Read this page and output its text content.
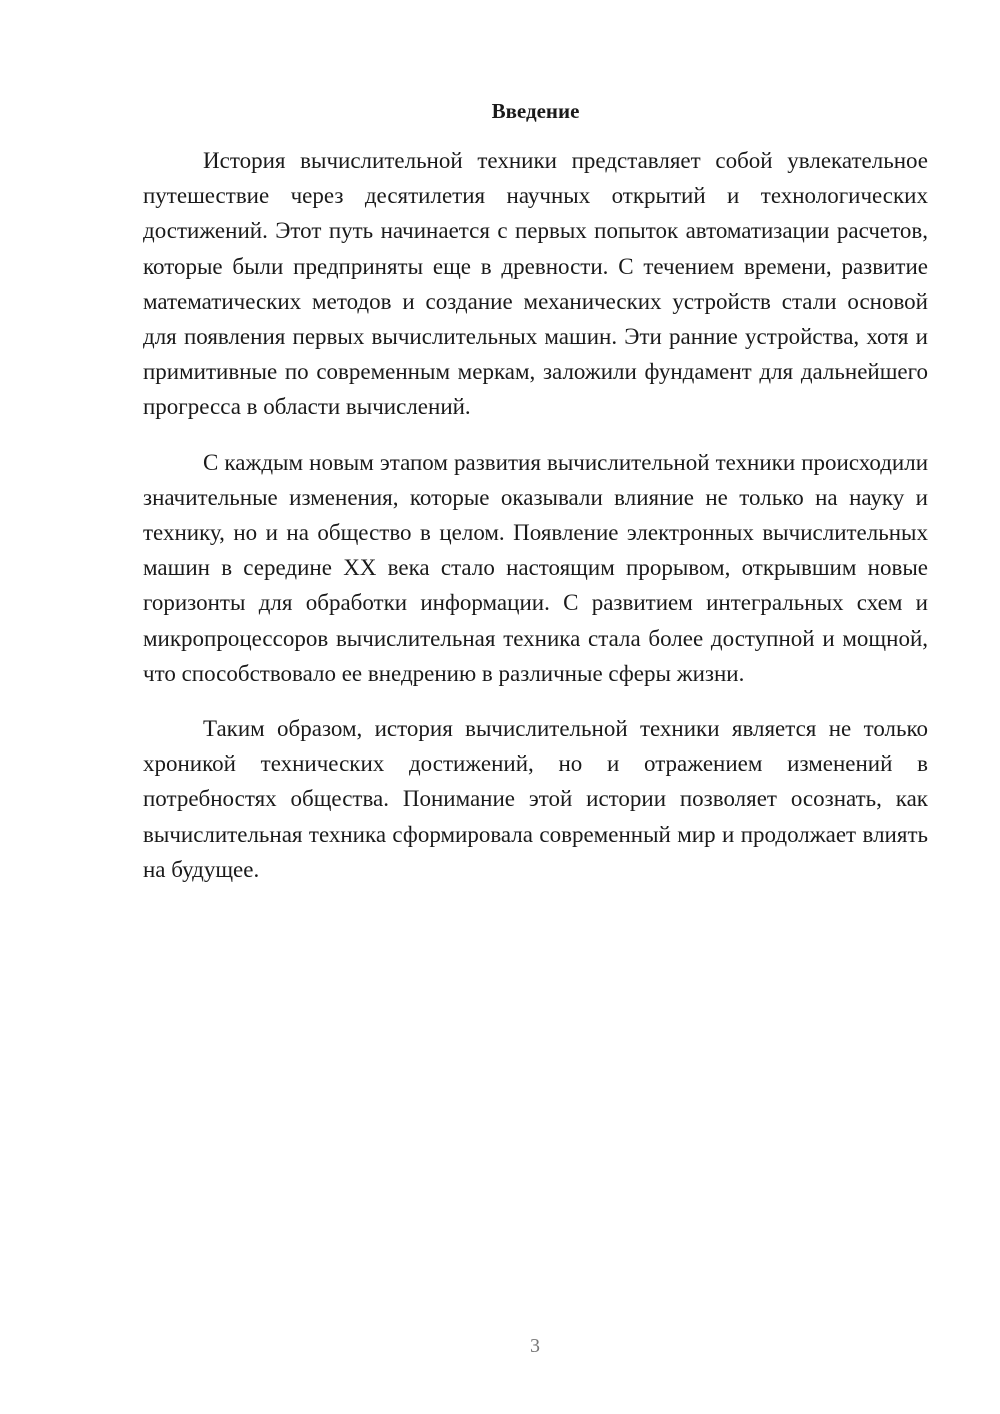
Введение

История вычислительной техники представляет собой увлекательное путешествие через десятилетия научных открытий и технологических достижений. Этот путь начинается с первых попыток автоматизации расчетов, которые были предприняты еще в древности. С течением времени, развитие математических методов и создание механических устройств стали основой для появления первых вычислительных машин. Эти ранние устройства, хотя и примитивные по современным меркам, заложили фундамент для дальнейшего прогресса в области вычислений.

С каждым новым этапом развития вычислительной техники происходили значительные изменения, которые оказывали влияние не только на науку и технику, но и на общество в целом. Появление электронных вычислительных машин в середине XX века стало настоящим прорывом, открывшим новые горизонты для обработки информации. С развитием интегральных схем и микропроцессоров вычислительная техника стала более доступной и мощной, что способствовало ее внедрению в различные сферы жизни.

Таким образом, история вычислительной техники является не только хроникой технических достижений, но и отражением изменений в потребностях общества. Понимание этой истории позволяет осознать, как вычислительная техника сформировала современный мир и продолжает влиять на будущее.

3
